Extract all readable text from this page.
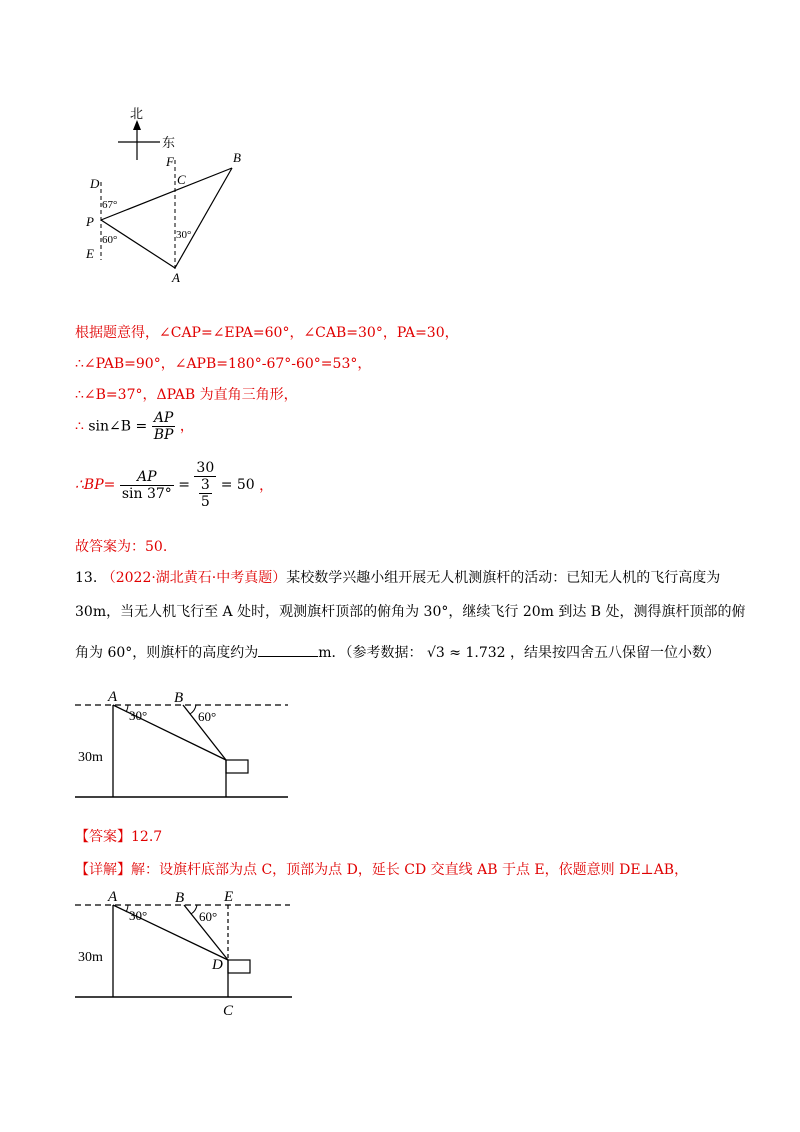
北
东
F	B
C
D
P
E
A
67°
60°	30°
根据题意得，∠CAP=∠EPA=60°，∠CAB=30°，PA=30，
∴∠PAB=90°，∠APB=180°-67°-60°=53°，
∴∠B=37°，ΔPAB 为直角三角形，
∴ sin∠B = $\frac{AP}{BP}$ ，
∴BP= $\frac{AP}{\sin 37^\circ} = \frac{30}{\frac{3}{5}} = 50$ ，
故答案为：50.
13. （2022·湖北黄石·中考真题）某校数学兴趣小组开展无人机测旗杆的活动：已知无人机的飞行高度为
30m，当无人机飞行至 A 处时，观测旗杆顶部的俯角为 30°，继续飞行 20m 到达 B 处，测得旗杆顶部的俯
角为 60°，则旗杆的高度约为	m．（参考数据： √3 ≈ 1.732 ，结果按四舍五八保留一位小数）
A	B
30°	60°
30m
【答案】12.7
【详解】解：设旗杆底部为点 C，顶部为点 D，延长 CD 交直线 AB 于点 E，依题意则 DE⊥AB，
A	B	E
D
C
30°	60°
30m
